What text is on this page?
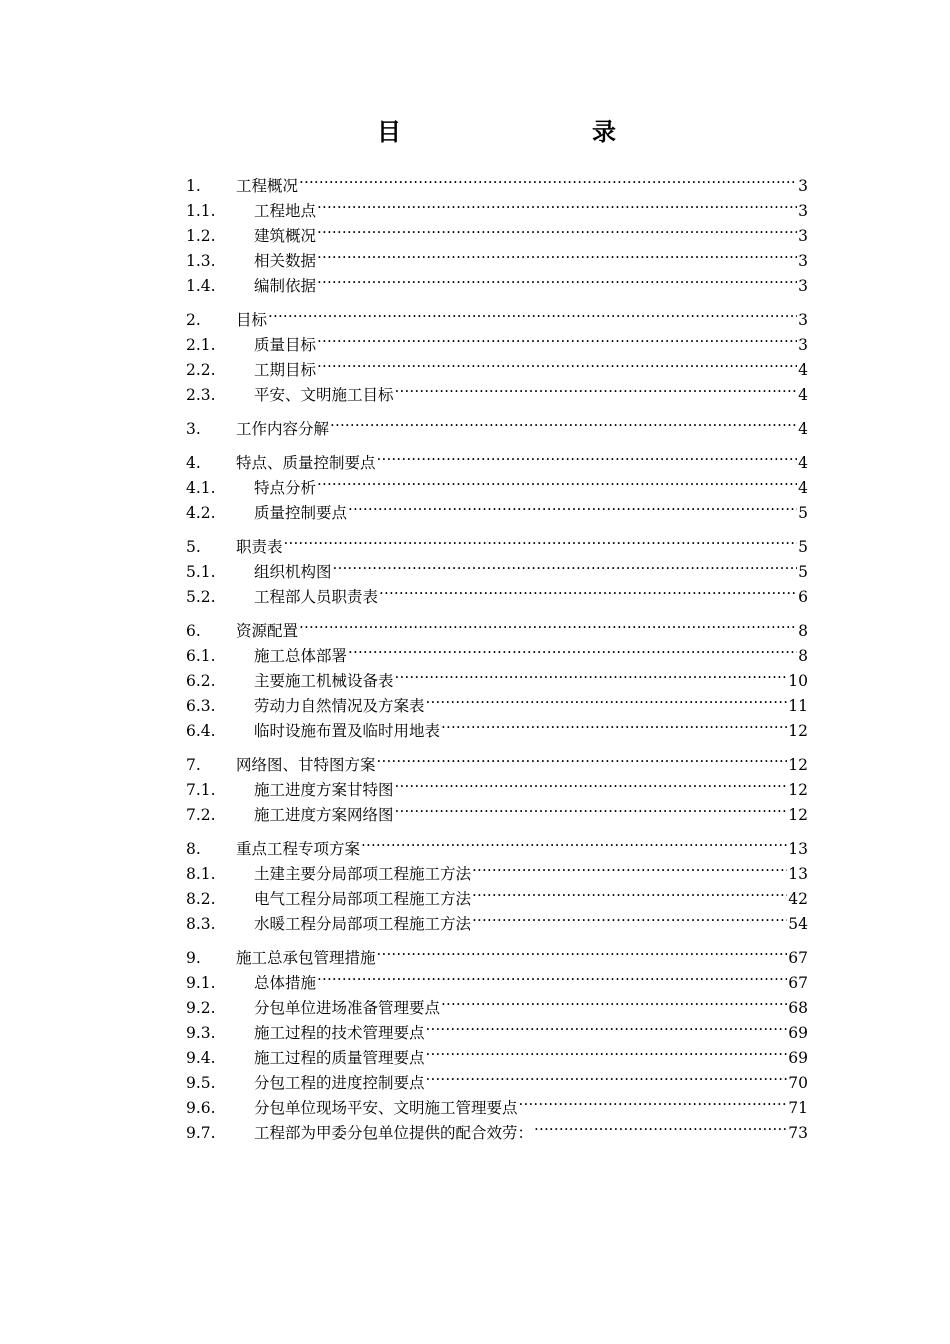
目	录
1.	工程概况 .....	3
1.1.	工程地点 .....	3
1.2.	建筑概况 .....	3
1.3.	相关数据 .....	3
1.4.	编制依据 .....	3
2.	目标 .....	3
2.1.	质量目标 .....	3
2.2.	工期目标 .....	4
2.3.	平安、文明施工目标 .....	4
3.	工作内容分解 .....	4
4.	特点、质量控制要点 .....	4
4.1.	特点分析 .....	4
4.2.	质量控制要点 .....	5
5.	职责表 .....	5
5.1.	组织机构图 .....	5
5.2.	工程部人员职责表 .....	6
6.	资源配置 .....	8
6.1.	施工总体部署 .....	8
6.2.	主要施工机械设备表 .....	10
6.3.	劳动力自然情况及方案表 .....	11
6.4.	临时设施布置及临时用地表 .....	12
7.	网络图、甘特图方案 .....	12
7.1.	施工进度方案甘特图 .....	12
7.2.	施工进度方案网络图 .....	12
8.	重点工程专项方案 .....	13
8.1.	土建主要分局部项工程施工方法 .....	13
8.2.	电气工程分局部项工程施工方法 .....	42
8.3.	水暖工程分局部项工程施工方法 .....	54
9.	施工总承包管理措施 .....	67
9.1.	总体措施 .....	67
9.2.	分包单位进场准备管理要点 .....	68
9.3.	施工过程的技术管理要点 .....	69
9.4.	施工过程的质量管理要点 .....	69
9.5.	分包工程的进度控制要点 .....	70
9.6.	分包单位现场平安、文明施工管理要点 .....	71
9.7.	工程部为甲委分包单位提供的配合效劳： .....	73
